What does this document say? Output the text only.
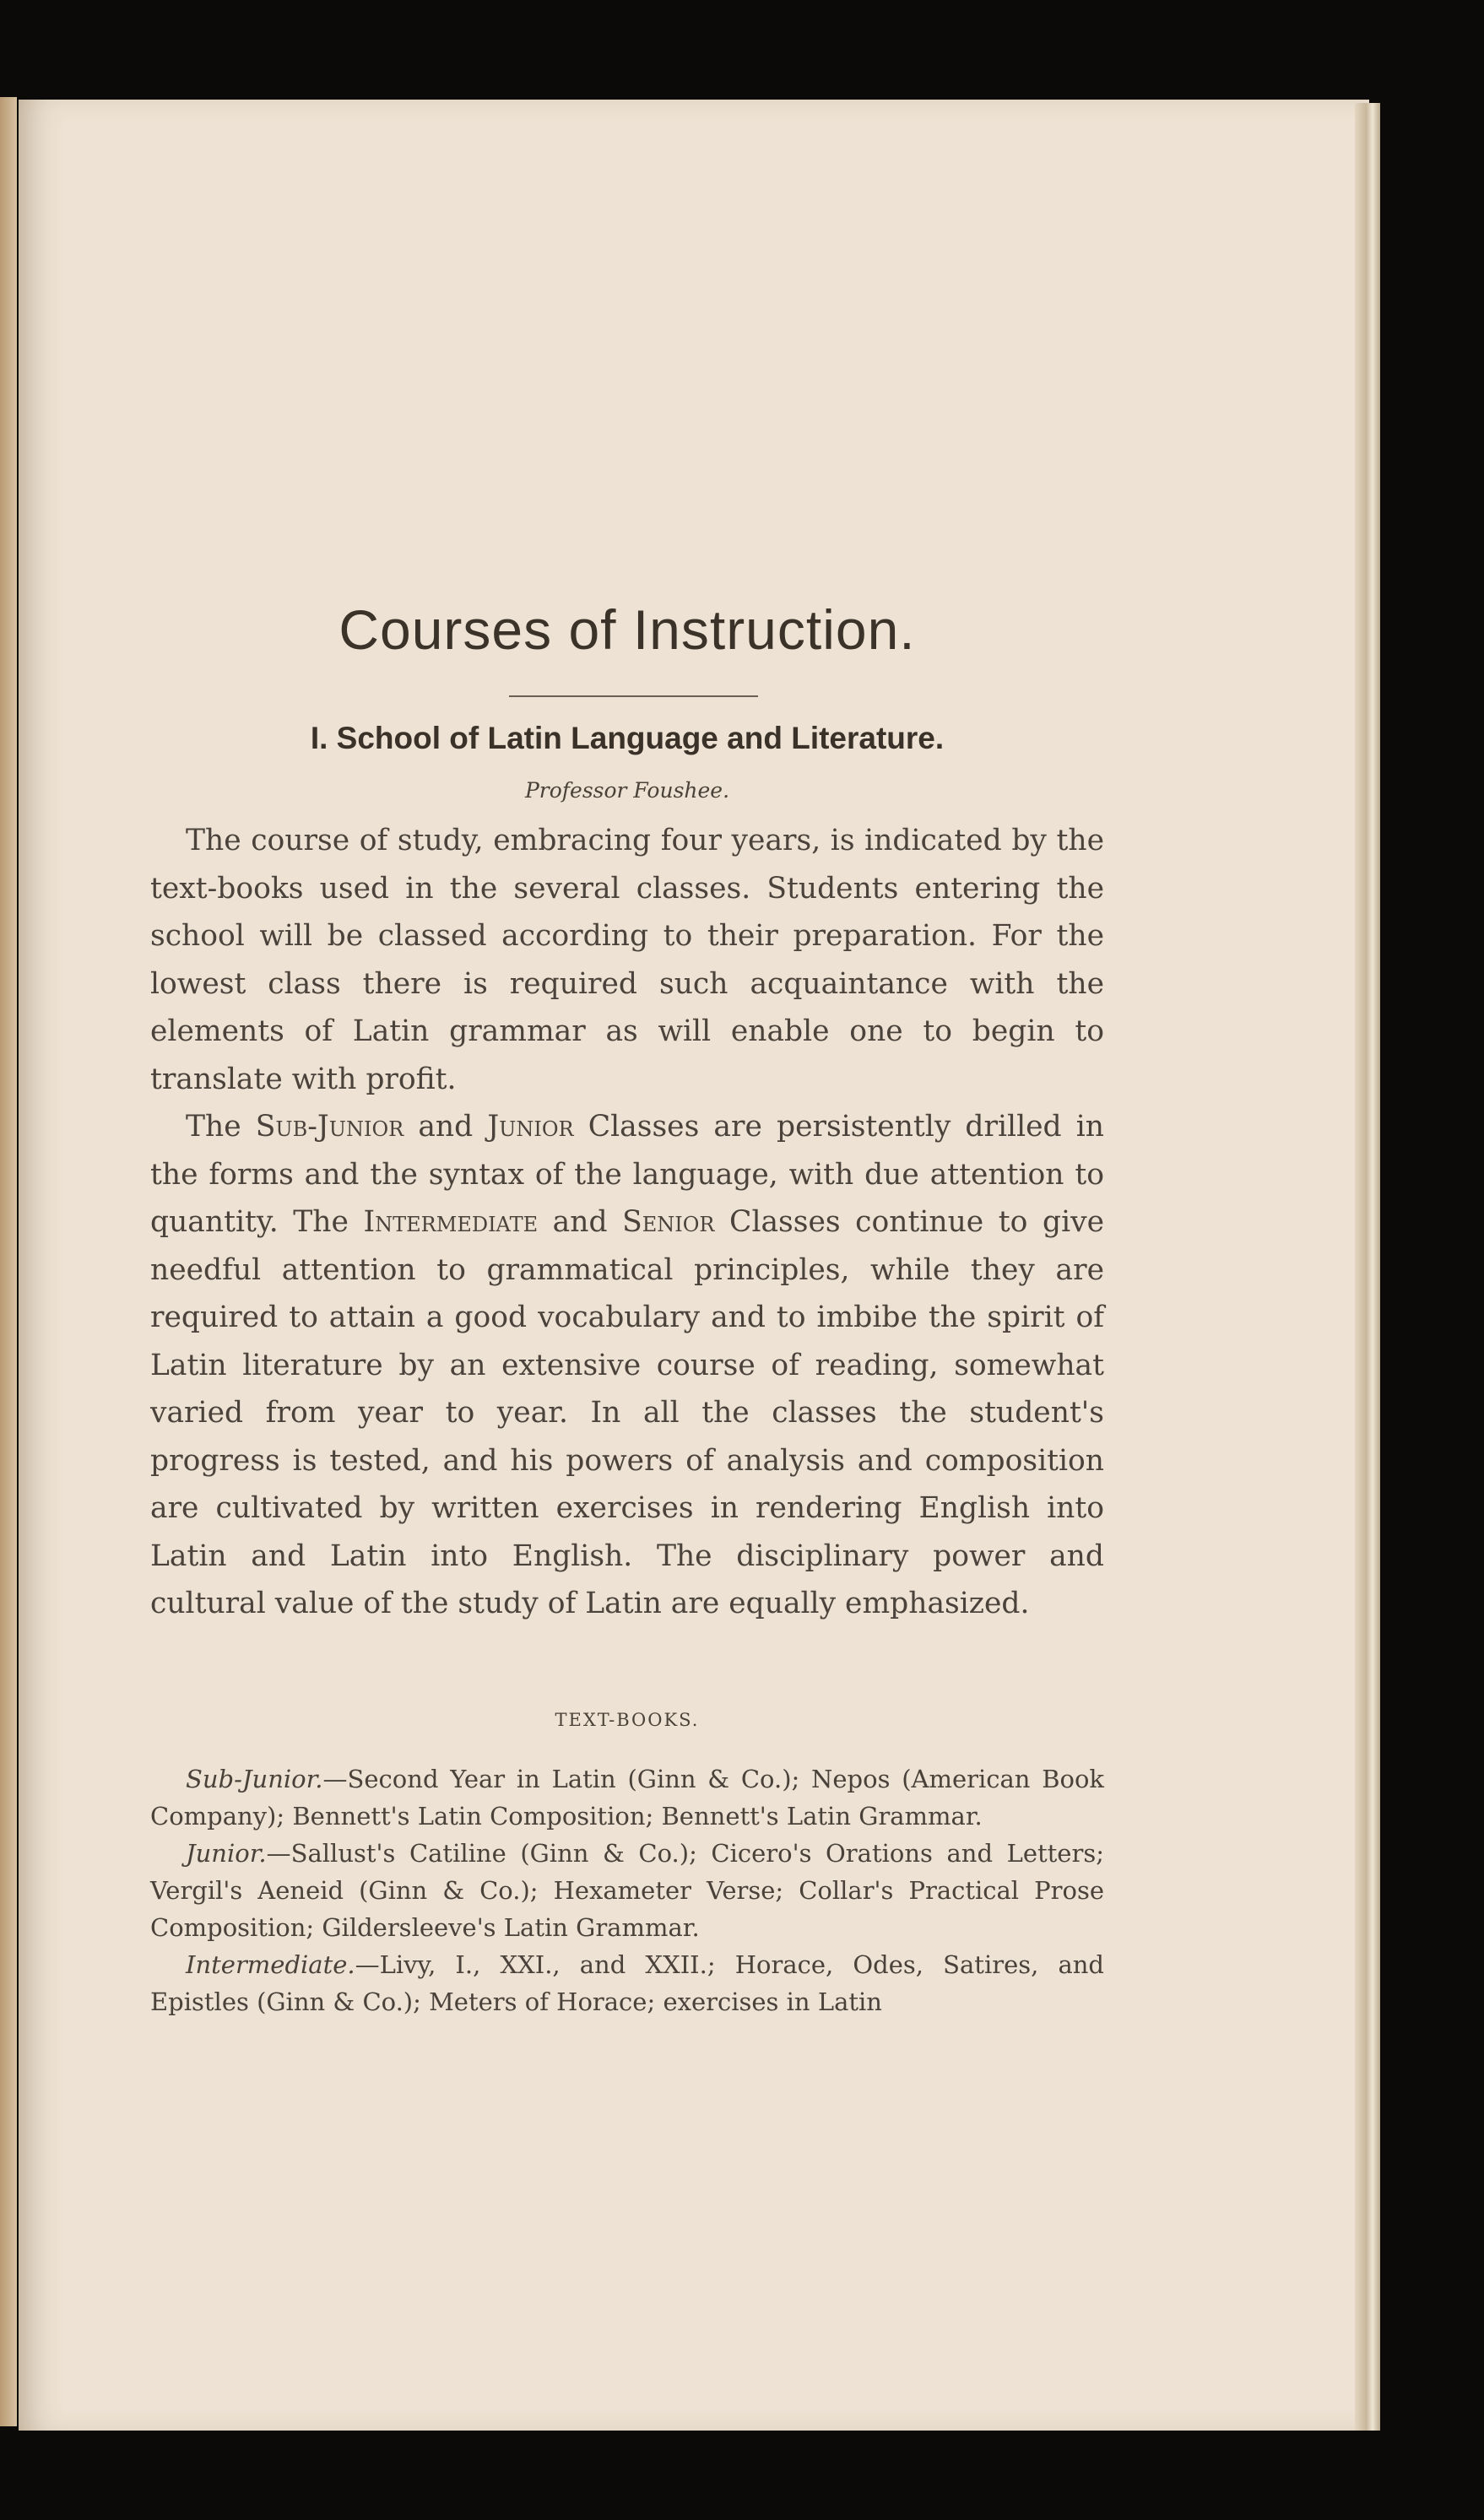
Courses of Instruction.
I. School of Latin Language and Literature.
Professor Foushee.

The course of study, embracing four years, is indicated by the text-books used in the several classes. Students entering the school will be classed according to their preparation. For the lowest class there is required such acquaintance with the elements of Latin grammar as will enable one to begin to translate with profit.

The Sub-Junior and Junior Classes are persistently drilled in the forms and the syntax of the language, with due attention to quantity. The Intermediate and Senior Classes continue to give needful attention to grammatical principles, while they are required to attain a good vocabulary and to imbibe the spirit of Latin literature by an extensive course of reading, somewhat varied from year to year. In all the classes the student's progress is tested, and his powers of analysis and composition are cultivated by written exercises in rendering English into Latin and Latin into English. The disciplinary power and cultural value of the study of Latin are equally emphasized.

TEXT-BOOKS.

Sub-Junior.—Second Year in Latin (Ginn & Co.); Nepos (American Book Company); Bennett's Latin Composition; Bennett's Latin Grammar.

Junior.—Sallust's Catiline (Ginn & Co.); Cicero's Orations and Letters; Vergil's Aeneid (Ginn & Co.); Hexameter Verse; Collar's Practical Prose Composition; Gildersleeve's Latin Grammar.

Intermediate.—Livy, I., XXI., and XXII.; Horace, Odes, Satires, and Epistles (Ginn & Co.); Meters of Horace; exercises in Latin
